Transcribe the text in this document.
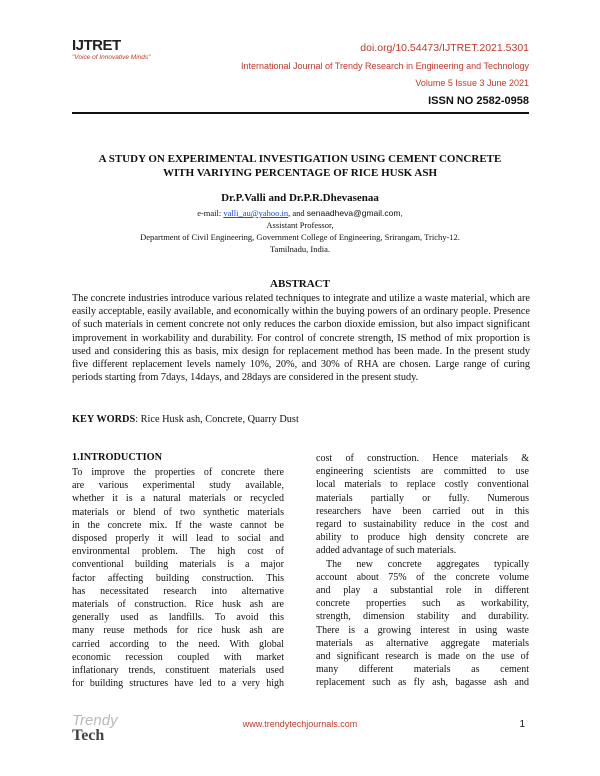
IJTRET
"Voice of Innovative Minds"
doi.org/10.54473/IJTRET.2021.5301
International Journal of Trendy Research in Engineering and Technology
Volume 5 Issue 3 June 2021
ISSN NO 2582-0958
A STUDY ON EXPERIMENTAL INVESTIGATION USING CEMENT CONCRETE
WITH VARIYING PERCENTAGE OF RICE HUSK ASH
Dr.P.Valli and Dr.P.R.Dhevasenaa
e-mail: valli_au@yahoo.in, and senaadheva@gmail.com,
Assistant Professor,
Department of Civil Engineering, Government College of Engineering, Srirangam, Trichy-12.
Tamilnadu, India.
ABSTRACT
The concrete industries introduce various related techniques to integrate and utilize a waste material, which are easily acceptable, easily available, and economically within the buying powers of an ordinary people. Presence of such materials in cement concrete not only reduces the carbon dioxide emission, but also impact significant improvement in workability and durability. For control of concrete strength, IS method of mix proportion is used and considering this as basis, mix design for replacement method has been made. In the present study five different replacement levels namely 10%, 20%, and 30% of RHA are chosen. Large range of curing periods starting from 7days, 14days, and 28days are considered in the present study.
KEY WORDS: Rice Husk ash, Concrete, Quarry Dust
1.INTRODUCTION
To improve the properties of concrete there
are various experimental study available,
whether it is a natural materials or recycled
materials or blend of two synthetic materials
in the concrete mix. If the waste cannot be
disposed properly it will lead to social and
environmental problem. The high cost of
conventional building materials is a major
factor affecting building construction. This
has necessitated research into alternative
materials of construction. Rice husk ash are
generally used as landfills. To avoid this
many reuse methods for rice husk ash are
carried according to the need. With global
economic recession coupled with market
inflationary trends, constituent materials used
for building structures have led to a very high
cost of construction. Hence materials &
engineering scientists are committed to use
local materials to replace costly conventional
materials partially or fully. Numerous
researchers have been carried out in this
regard to sustainability reduce in the cost and
ability to produce high density concrete are
added advantage of such materials.
The new concrete aggregates typically
account about 75% of the concrete volume
and play a substantial role in different
concrete properties such as workability,
strength, dimension stability and durability.
There is a growing interest in using waste
materials as alternative aggregate materials
and significant research is made on the use of
many different materials as cement
replacement such as fly ash, bagasse ash and
Trendy
Tech
www.trendytechjournals.com	1
